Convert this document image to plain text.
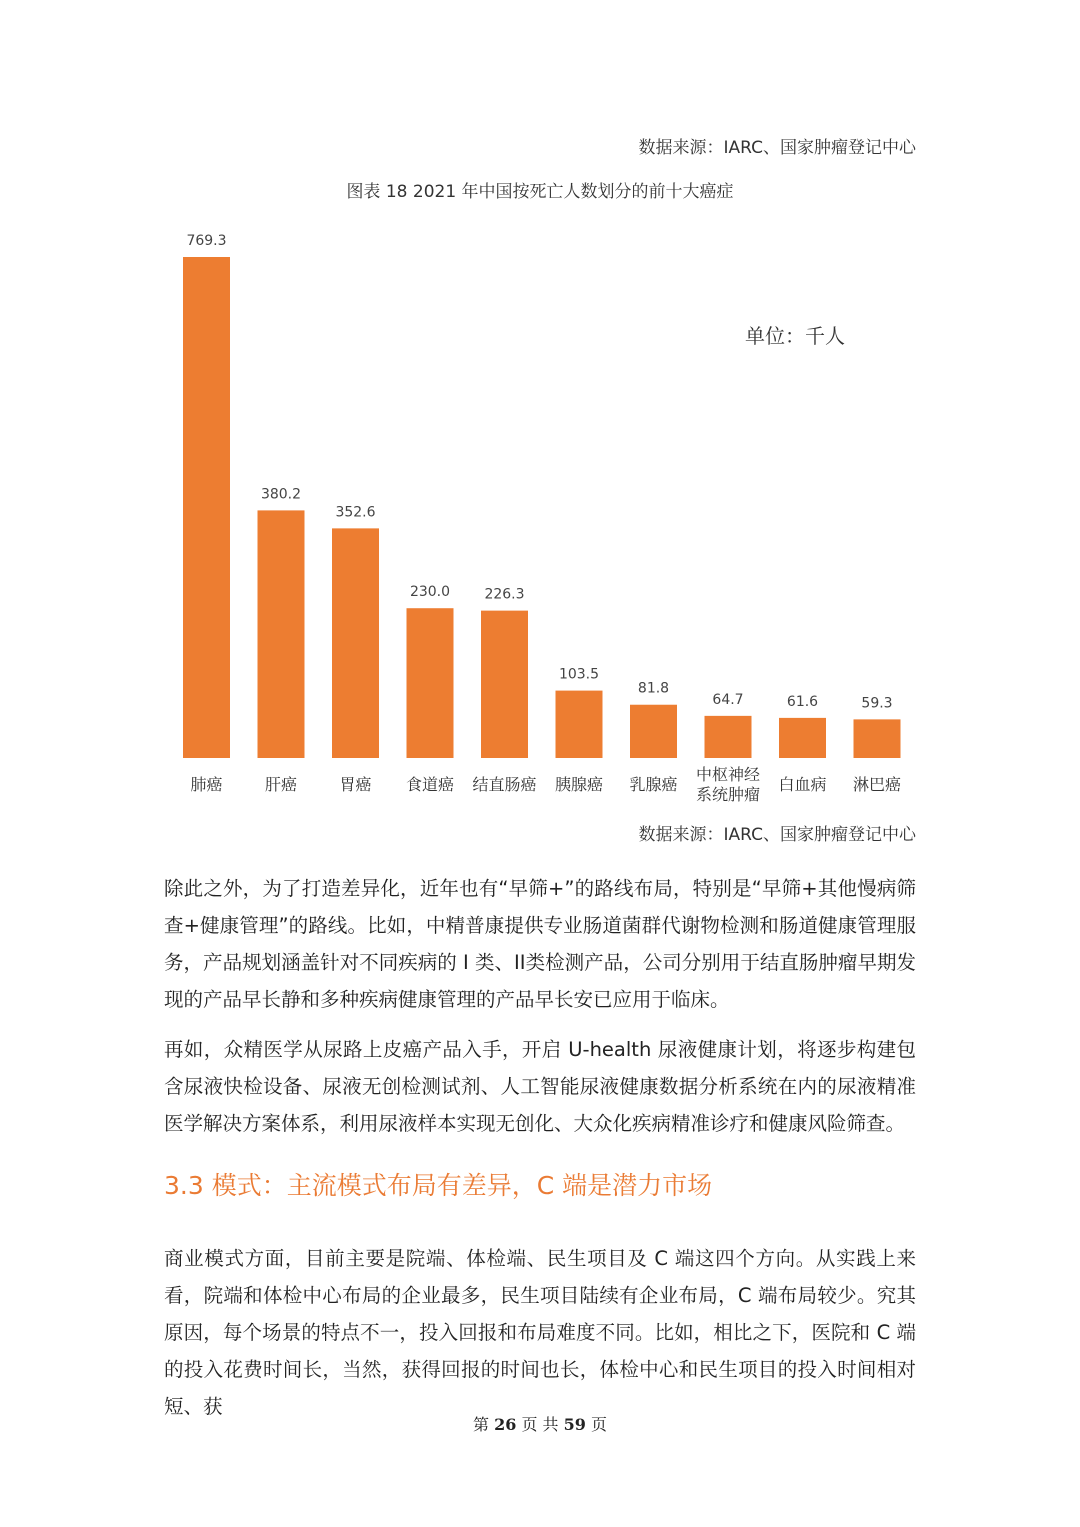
数据来源：IARC、国家肿瘤登记中心
图表 18 2021 年中国按死亡人数划分的前十大癌症
单位：千人
769.3
肺癌
380.2
肝癌
352.6
胃癌
230.0
食道癌
226.3
结直肠癌
103.5
胰腺癌
81.8
乳腺癌
64.7
中枢神经系统肿瘤
61.6
白血病
59.3
淋巴癌
数据来源：IARC、国家肿瘤登记中心

除此之外，为了打造差异化，近年也有“早筛+”的路线布局，特别是“早筛+其他慢病筛查+健康管理”的路线。比如，中精普康提供专业肠道菌群代谢物检测和肠道健康管理服务，产品规划涵盖针对不同疾病的 I 类、II类检测产品，公司分别用于结直肠肿瘤早期发现的产品早长静和多种疾病健康管理的产品早长安已应用于临床。

再如，众精医学从尿路上皮癌产品入手，开启 U-health 尿液健康计划，将逐步构建包含尿液快检设备、尿液无创检测试剂、人工智能尿液健康数据分析系统在内的尿液精准医学解决方案体系，利用尿液样本实现无创化、大众化疾病精准诊疗和健康风险筛查。

3.3 模式：主流模式布局有差异，C 端是潜力市场

商业模式方面，目前主要是院端、体检端、民生项目及 C 端这四个方向。从实践上来看，院端和体检中心布局的企业最多，民生项目陆续有企业布局，C 端布局较少。究其原因，每个场景的特点不一，投入回报和布局难度不同。比如，相比之下，医院和 C 端的投入花费时间长，当然，获得回报的时间也长，体检中心和民生项目的投入时间相对短、获

第 26 页 共 59 页
